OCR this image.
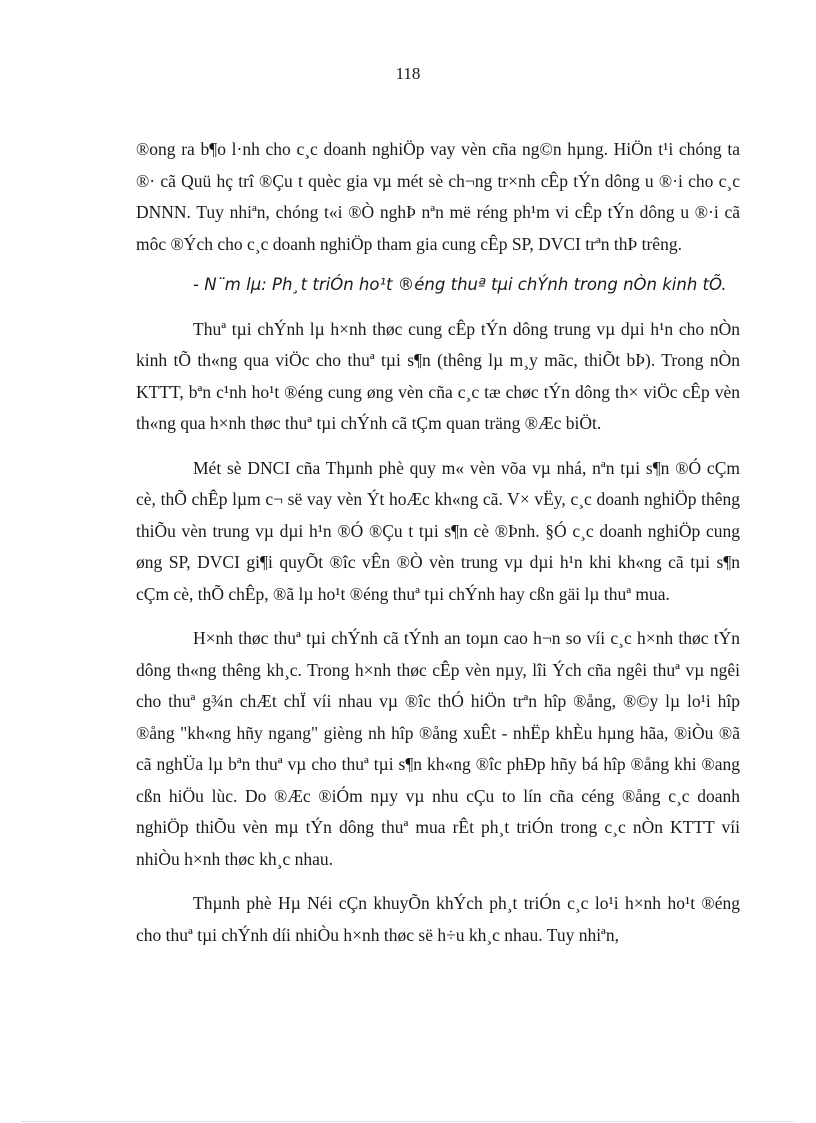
118

®ong ra b¶o l·nh cho c¸c doanh nghiÖp vay vèn cña ng©n hµng. HiÖn t¹i chóng ta ®· cã Quü hç trî ®Çu t quèc gia vµ mét sè ch¬ng tr×nh cÊp tÝn dông u ®·i cho c¸c DNNN. Tuy nhiªn, chóng t«i ®Ò nghÞ nªn më réng ph¹m vi cÊp tÝn dông u ®·i cã môc ®Ých cho c¸c doanh nghiÖp tham gia cung cÊp SP, DVCI trªn thÞ trêng.

- N¨m lµ: Ph¸t triÓn ho¹t ®éng thuª tµi chÝnh trong nÒn kinh tÕ.

Thuª tµi chÝnh lµ h×nh thøc cung cÊp tÝn dông trung vµ dµi h¹n cho nÒn kinh tÕ th«ng qua viÖc cho thuª tµi s¶n (thêng lµ m¸y mãc, thiÕt bÞ). Trong nÒn KTTT, bªn c¹nh ho¹t ®éng cung øng vèn cña c¸c tæ chøc tÝn dông th× viÖc cÊp vèn th«ng qua h×nh thøc thuª tµi chÝnh cã tÇm quan träng ®Æc biÖt.

Mét sè DNCI cña Thµnh phè quy m« vèn võa vµ nhá, nªn tµi s¶n ®Ó cÇm cè, thÕ chÊp lµm c¬ së vay vèn Ýt hoÆc kh«ng cã. V× vËy, c¸c doanh nghiÖp thêng thiÕu vèn trung vµ dµi h¹n ®Ó ®Çu t tµi s¶n cè ®Þnh. §Ó c¸c doanh nghiÖp cung øng SP, DVCI gi¶i quyÕt ®îc vÊn ®Ò vèn trung vµ dµi h¹n khi kh«ng cã tµi s¶n cÇm cè, thÕ chÊp, ®ã lµ ho¹t ®éng thuª tµi chÝnh hay cßn gäi lµ thuª mua.

H×nh thøc thuª tµi chÝnh cã tÝnh an toµn cao h¬n so víi c¸c h×nh thøc tÝn dông th«ng thêng kh¸c. Trong h×nh thøc cÊp vèn nµy, lîi Ých cña ngêi thuª vµ ngêi cho thuª g¾n chÆt chÏ víi nhau vµ ®îc thÓ hiÖn trªn hîp ®ång, ®©y lµ lo¹i hîp ®ång "kh«ng hñy ngang" gièng nh hîp ®ång xuÊt - nhËp khÈu hµng hãa, ®iÒu ®ã cã nghÜa lµ bªn thuª vµ cho thuª tµi s¶n kh«ng ®îc phÐp hñy bá hîp ®ång khi ®ang cßn hiÖu lùc. Do ®Æc ®iÓm nµy vµ nhu cÇu to lín cña céng ®ång c¸c doanh nghiÖp thiÕu vèn mµ tÝn dông thuª mua rÊt ph¸t triÓn trong c¸c nÒn KTTT víi nhiÒu h×nh thøc kh¸c nhau.

Thµnh phè Hµ Néi cÇn khuyÕn khÝch ph¸t triÓn c¸c lo¹i h×nh ho¹t ®éng cho thuª tµi chÝnh díi nhiÒu h×nh thøc së h÷u kh¸c nhau. Tuy nhiªn,
